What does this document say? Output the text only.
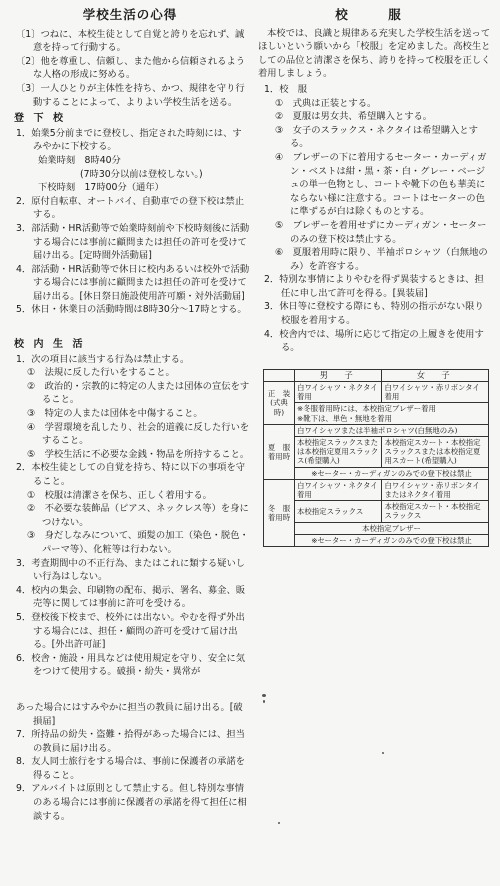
学校生活の心得

〔1〕つねに、本校生徒として自覚と誇りを忘れず、誠意を持って行動する。

〔2〕他を尊重し、信頼し、また他から信頼されるような人格の形成に努める。

〔3〕一人ひとりが主体性を持ち、かつ、規律を守り行動することによって、よりよい学校生活を送る。

登 下 校

1．始業5分前までに登校し、指定された時刻には、すみやかに下校する。

始業時刻　8時40分

(7時30分以前は登校しない。)

下校時刻　17時00分（通年）

2．原付自転車、オートバイ、自動車での登下校は禁止する。

3．部活動・HR活動等で始業時刻前や下校時刻後に活動する場合には事前に顧問または担任の許可を受けて届け出る。[定時間外活動届]

4．部活動・HR活動等で休日に校内あるいは校外で活動する場合には事前に顧問または担任の許可を受けて届け出る。[休日祭日施設使用許可願・対外活動届]

5．休日・休業日の活動時間は8時30分〜17時とする。

校 内 生 活

1．次の項目に該当する行為は禁止する。

①　法規に反した行いをすること。

②　政治的・宗教的に特定の人または団体の宣伝をすること。

③　特定の人または団体を中傷すること。

④　学習環境を乱したり、社会的道義に反した行いをすること。

⑤　学校生活に不必要な金銭・物品を所持すること。

2．本校生徒としての自覚を持ち、特に以下の事項を守ること。

①　校服は清潔さを保ち、正しく着用する。

②　不必要な装飾品（ピアス、ネックレス等）を身につけない。

③　身だしなみについて、頭髪の加工（染色・脱色・パーマ等）、化粧等は行わない。

3．考査期間中の不正行為、またはこれに類する疑いしい行為はしない。

4．校内の集会、印刷物の配布、掲示、署名、募金、販売等に関しては事前に許可を受ける。

5．登校後下校まで、校外には出ない。やむを得ず外出する場合には、担任・顧問の許可を受けて届け出る。[外出許可証]

6．校舎・施設・用具などは使用規定を守り、安全に気をつけて使用する。破損・紛失・異常が

あった場合にはすみやかに担当の教員に届け出る。[破損届]

7．所持品の紛失・盗難・拾得があった場合には、担当の教員に届け出る。

8．友人同士旅行をする場合は、事前に保護者の承諾を得ること。

9．アルバイトは原則として禁止する。但し特別な事情のある場合には事前に保護者の承諾を得て担任に相談する。

校　服

本校では、良識と規律ある充実した学校生活を送ってほしいという願いから「校服」を定めました。高校生としての品位と清潔さを保ち、誇りを持って校服を正しく着用しましょう。

1．校　服

①　式典は正装とする。

②　夏服は男女共、希望購入とする。

③　女子のスラックス・ネクタイは希望購入とする。

④　ブレザーの下に着用するセーター・カーディガン・ベストは紺・黒・茶・白・グレー・ベージュの単一色物とし、コートや靴下の色も華美にならない様に注意する。コートはセーターの色に準ずるが白は除くものとする。

⑤　ブレザーを着用せずにカーディガン・セーターのみの登下校は禁止する。

⑥　夏服着用時に限り、半袖ポロシャツ（白無地のみ）を許容する。

2．特別な事情によりやむを得ず異装するときは、担任に申し出て許可を得る。[異装届]

3．休日等に登校する際にも、特別の指示がない限り校服を着用する。

4．校舎内では、場所に応じて指定の上履きを使用する。

	男　子	女　子
正　装
(式典時)	白ワイシャツ・ネクタイ着用	白ワイシャツ・赤リボンタイ着用
	※冬服着用時には、本校指定ブレザー着用
※靴下は、単色・無地を着用	
夏　服
着用時	白ワイシャツまたは半袖ポロシャツ(白無地のみ)	
	本校指定スラックスまたは本校指定夏用スラックス(希望購入)	本校指定スカート・本校指定スラックスまたは本校指定夏用スカート(希望購入)
	※セーター・カーディガンのみでの登下校は禁止	
冬　服
着用時	白ワイシャツ・ネクタイ着用	白ワイシャツ・赤リボンタイまたはネクタイ着用
	本校指定スラックス	本校指定スカート・本校指定スラックス
	本校指定ブレザー	
	※セーター・カーディガンのみでの登下校は禁止	
